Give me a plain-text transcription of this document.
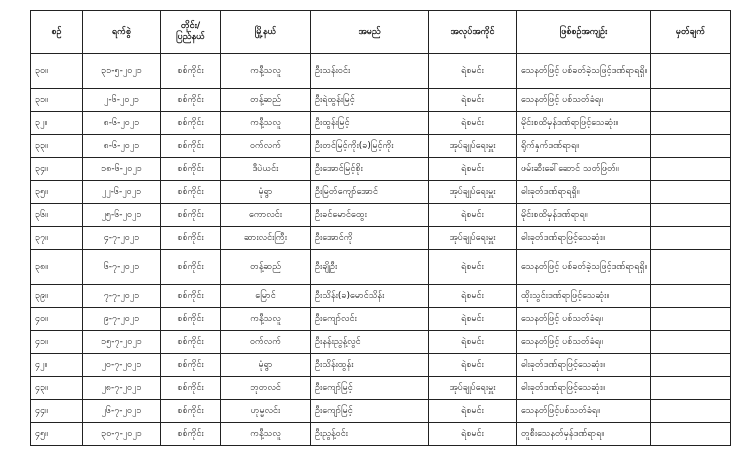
စဉ်	ရက်စွဲ	တိုင်း/ ပြည်နယ်	မြို့နယ်	အမည်	အလုပ်အကိုင်	ဖြစ်စဉ်အကျဉ်း	မှတ်ချက်
၃၀။	၃၁-၅-၂၀၂၁	စစ်ကိုင်း	ကနီ့သလူ	ဦးသန်းဝင်း	ရဲစမင်း	သေနတ်ဖြင့် ပစ်ခတ်ခဲ့သဖြင့်ဒဏ်ရာရရှိ။	
၃၁။	၂-၆-၂၀၂၁	စစ်ကိုင်း	တန့်ဆည်	ဦးရဲထွန်းမြင့်	ရဲစမင်း	သေနတ်ဖြင့် ပစ်သတ်ခံရ။	
၃၂။	၈-၆-၂၀၂၁	စစ်ကိုင်း	ကနီ့သလူ	ဦးထွန်းမြင့်	ရဲစမင်း	မိုင်းစထိမှန်ဒဏ်ရာဖြင့်သေဆုံး။	
၃၃။	၈-၆-၂၀၂၁	စစ်ကိုင်း	ဝက်လက်	ဦးတင်မြင့်ကိုး(ခ)မြင့်ကိုး	အုပ်ချုပ်ရေးမှူး	ရိုက်နှက်ဒဏ်ရာရ။	
၃၄။	၁၈-၆-၂၀၂၁	စစ်ကိုင်း	ဒီပဲယင်း	ဦးအောင်မြင့်စိုး	ရဲစမင်း	ဖမ်းဆီးခေါ်ဆောင် သတ်ဖြတ်။	
၃၅။	၂၂-၆-၂၀၂၁	စစ်ကိုင်း	မုံရွာ	ဦးမြတ်ကျော်အောင်	အုပ်ချုပ်ရေးမှူး	ဓါးခုတ်ဒဏ်ရာရရှိ။	
၃၆။	၂၅-၆-၂၀၂၁	စစ်ကိုင်း	ကောလင်း	ဦးခင်မောင်ထွေး	ရဲစမင်း	မိုင်းစထိမှန်ဒဏ်ရာရ။	
၃၇။	၄-၇-၂၀၂၁	စစ်ကိုင်း	ဆားလင်းကြီး	ဦးအောင်ကို	အုပ်ချုပ်ရေးမှူး	ဓါးခုတ်ဒဏ်ရာဖြင့်သေဆုံး။	
၃၈။	၆-၇-၂၀၂၁	စစ်ကိုင်း	တန့်ဆည်	ဦးချိုဦး	ရဲစမင်း	သေနတ်ဖြင့် ပစ်ခတ်ခဲ့သဖြင့်ဒဏ်ရာရရှိ။	
၃၉။	၇-၇-၂၀၂၁	စစ်ကိုင်း	မြောင်	ဦးသိန်း(ခ)မောင်သိန်း	ရဲစမင်း	ထိုးသွင်းဒဏ်ရာဖြင့်သေဆုံး။	
၄၀။	၉-၇-၂၀၂၁	စစ်ကိုင်း	ကနီ့သလူ	ဦးကျော်လင်း	ရဲစမင်း	သေနတ်ဖြင့် ပစ်သတ်ခံရ။	
၄၁။	၁၅-၇-၂၀၂၁	စစ်ကိုင်း	ဝက်လက်	ဦးနန်းညွန့်လွင်	ရဲစမင်း	သေနတ်ဖြင့် ပစ်သတ်ခံရ။	
၄၂။	၂၀-၇-၂၀၂၁	စစ်ကိုင်း	မုံရွာ	ဦးသိန်းထွန်း	ရဲစမင်း	ဓါးခုတ်ဒဏ်ရာဖြင့်သေဆုံး။	
၄၃။	၂၈-၇-၂၀၂၁	စစ်ကိုင်း	ဘုတလင်	ဦးကျော်မြင့်	အုပ်ချုပ်ရေးမှူး	ဓါးခုတ်ဒဏ်ရာဖြင့်သေဆုံး။	
၄၄။	၂၆-၇-၂၀၂၁	စစ်ကိုင်း	ဟုမ္မလင်း	ဦးကျော်မြင့်	ရဲစမင်း	သေနတ်ဖြင့်ပစ်သတ်ခံရ။	
၄၅။	၃၀-၇-၂၀၂၁	စစ်ကိုင်း	ကနီ့သလူ	ဦးညွန့်ဝင်း	ရဲစမင်း	တူစီးသေနတ်မှန်ဒဏ်ရာရ။	
